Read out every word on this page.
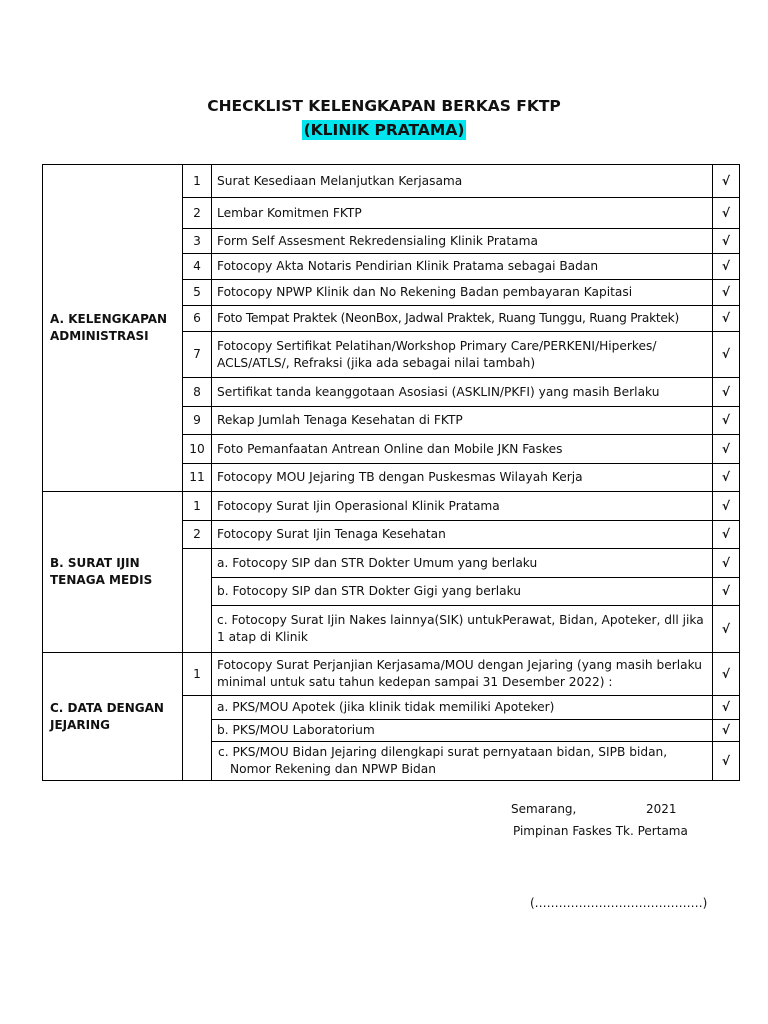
CHECKLIST KELENGKAPAN BERKAS FKTP
(KLINIK PRATAMA)
A. KELENGKAPAN ADMINISTRASI	1	Surat Kesediaan Melanjutkan Kerjasama	√
	2	Lembar Komitmen FKTP	√
	3	Form Self Assesment Rekredensialing Klinik Pratama	√
	4	Fotocopy Akta Notaris Pendirian Klinik Pratama sebagai Badan	√
	5	Fotocopy NPWP Klinik dan No Rekening Badan pembayaran Kapitasi	√
	6	Foto Tempat Praktek (NeonBox, Jadwal Praktek, Ruang Tunggu, Ruang Praktek)	√
	7	Fotocopy Sertifikat Pelatihan/Workshop Primary Care/PERKENI/Hiperkes/ ACLS/ATLS/, Refraksi (jika ada sebagai nilai tambah)	√
	8	Sertifikat tanda keanggotaan Asosiasi (ASKLIN/PKFI) yang masih Berlaku	√
	9	Rekap Jumlah Tenaga Kesehatan di FKTP	√
	10	Foto Pemanfaatan Antrean Online dan Mobile JKN Faskes	√
	11	Fotocopy MOU Jejaring TB dengan Puskesmas Wilayah Kerja	√
B. SURAT IJIN TENAGA MEDIS	1	Fotocopy Surat Ijin Operasional Klinik Pratama	√
	2	Fotocopy Surat Ijin Tenaga Kesehatan	√
		a. Fotocopy SIP dan STR Dokter Umum yang berlaku	√
		b. Fotocopy SIP dan STR Dokter Gigi yang berlaku	√
		c. Fotocopy Surat Ijin Nakes lainnya(SIK) untukPerawat, Bidan, Apoteker, dll jika 1 atap di Klinik	√
C. DATA DENGAN JEJARING	1	Fotocopy Surat Perjanjian Kerjasama/MOU dengan Jejaring (yang masih berlaku minimal untuk satu tahun kedepan sampai 31 Desember 2022) :	√
		a. PKS/MOU Apotek (jika klinik tidak memiliki Apoteker)	√
		b. PKS/MOU Laboratorium	√
		c. PKS/MOU Bidan Jejaring dilengkapi surat pernyataan bidan, SIPB bidan, Nomor Rekening dan NPWP Bidan	√
Semarang,	2021
Pimpinan Faskes Tk. Pertama
(……………………………………)
